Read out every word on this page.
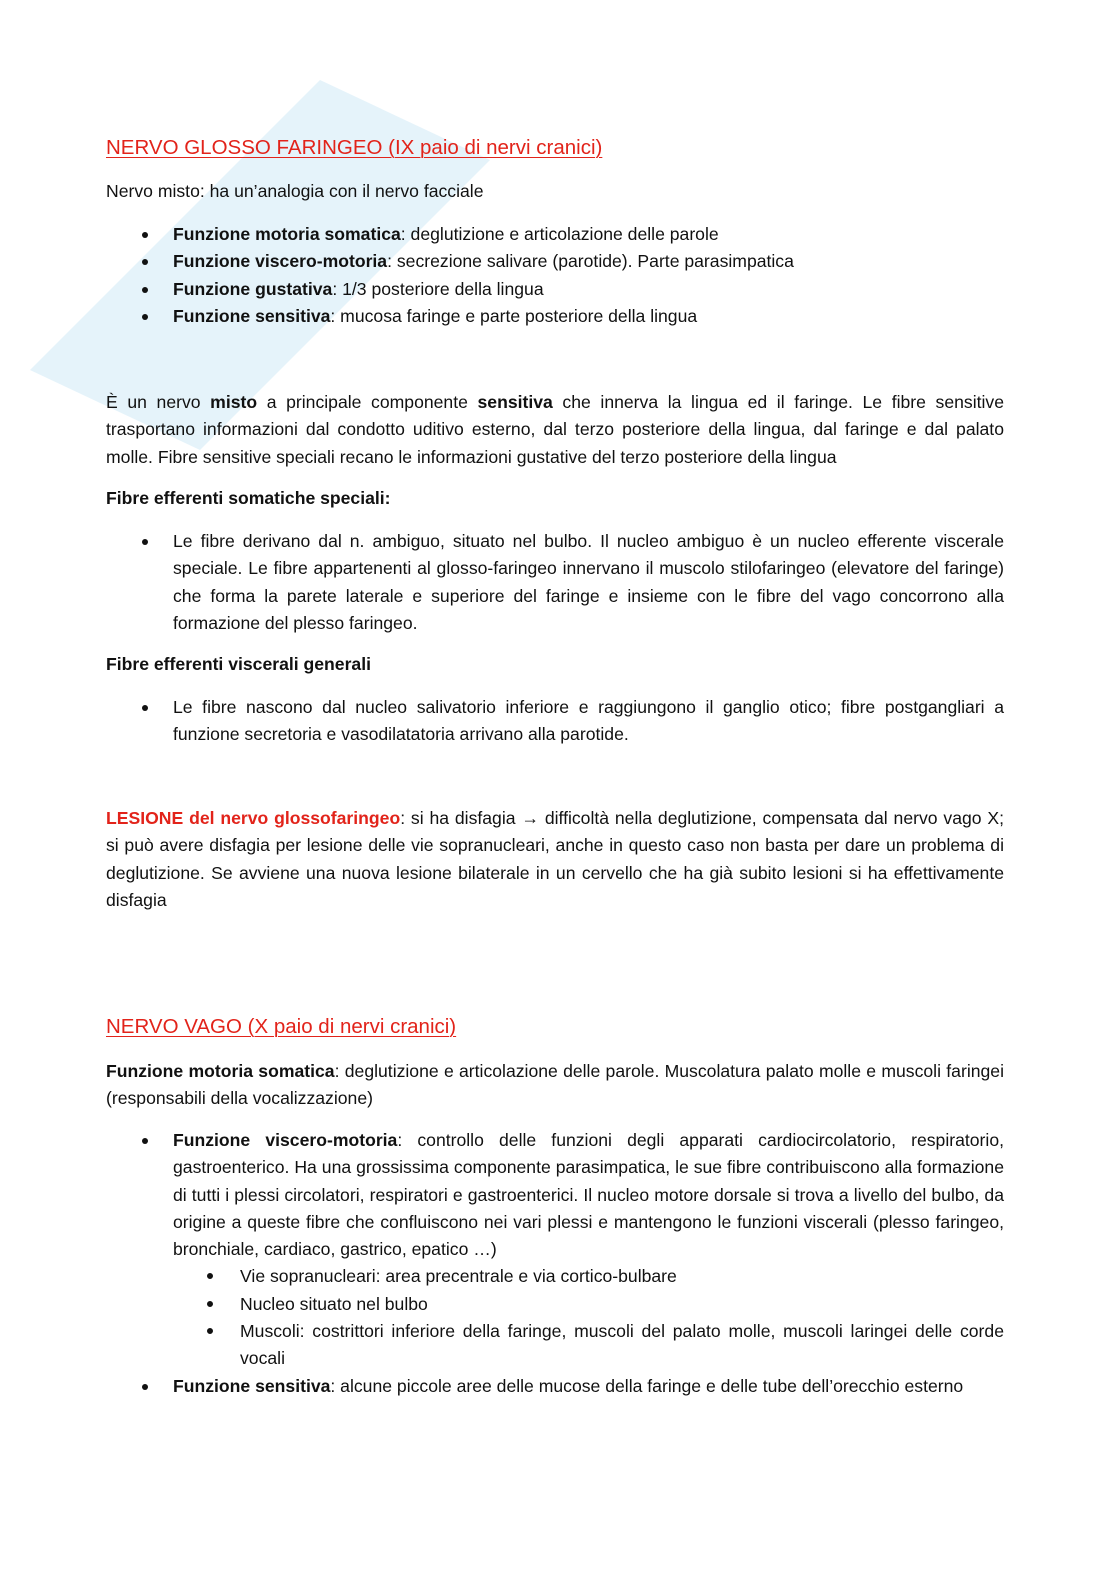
NERVO GLOSSO FARINGEO (IX paio di nervi cranici)

Nervo misto: ha un’analogia con il nervo facciale

Funzione motoria somatica: deglutizione e articolazione delle parole
Funzione viscero-motoria: secrezione salivare (parotide). Parte parasimpatica
Funzione gustativa: 1/3 posteriore della lingua
Funzione sensitiva: mucosa faringe e parte posteriore della lingua

È un nervo misto a principale componente sensitiva che innerva la lingua ed il faringe. Le fibre sensitive trasportano informazioni dal condotto uditivo esterno, dal terzo posteriore della lingua, dal faringe e dal palato molle. Fibre sensitive speciali recano le informazioni gustative del terzo posteriore della lingua

Fibre efferenti somatiche speciali:

Le fibre derivano dal n. ambiguo, situato nel bulbo. Il nucleo ambiguo è un nucleo efferente viscerale speciale. Le fibre appartenenti al glosso-faringeo innervano il muscolo stilofaringeo (elevatore del faringe) che forma la parete laterale e superiore del faringe e insieme con le fibre del vago concorrono alla formazione del plesso faringeo.

Fibre efferenti viscerali generali

Le fibre nascono dal nucleo salivatorio inferiore e raggiungono il ganglio otico; fibre postgangliari a funzione secretoria e vasodilatatoria arrivano alla parotide.

LESIONE del nervo glossofaringeo: si ha disfagia → difficoltà nella deglutizione, compensata dal nervo vago X; si può avere disfagia per lesione delle vie sopranucleari, anche in questo caso non basta per dare un problema di deglutizione. Se avviene una nuova lesione bilaterale in un cervello che ha già subito lesioni si ha effettivamente disfagia

NERVO VAGO (X paio di nervi cranici)

Funzione motoria somatica: deglutizione e articolazione delle parole. Muscolatura palato molle e muscoli faringei (responsabili della vocalizzazione)

Funzione viscero-motoria: controllo delle funzioni degli apparati cardiocircolatorio, respiratorio, gastroenterico. Ha una grossissima componente parasimpatica, le sue fibre contribuiscono alla formazione di tutti i plessi circolatori, respiratori e gastroenterici. Il nucleo motore dorsale si trova a livello del bulbo, da origine a queste fibre che confluiscono nei vari plessi e mantengono le funzioni viscerali (plesso faringeo, bronchiale, cardiaco, gastrico, epatico …)
Vie sopranucleari: area precentrale e via cortico-bulbare
Nucleo situato nel bulbo
Muscoli: costrittori inferiore della faringe, muscoli del palato molle, muscoli laringei delle corde vocali
Funzione sensitiva: alcune piccole aree delle mucose della faringe e delle tube dell’orecchio esterno
